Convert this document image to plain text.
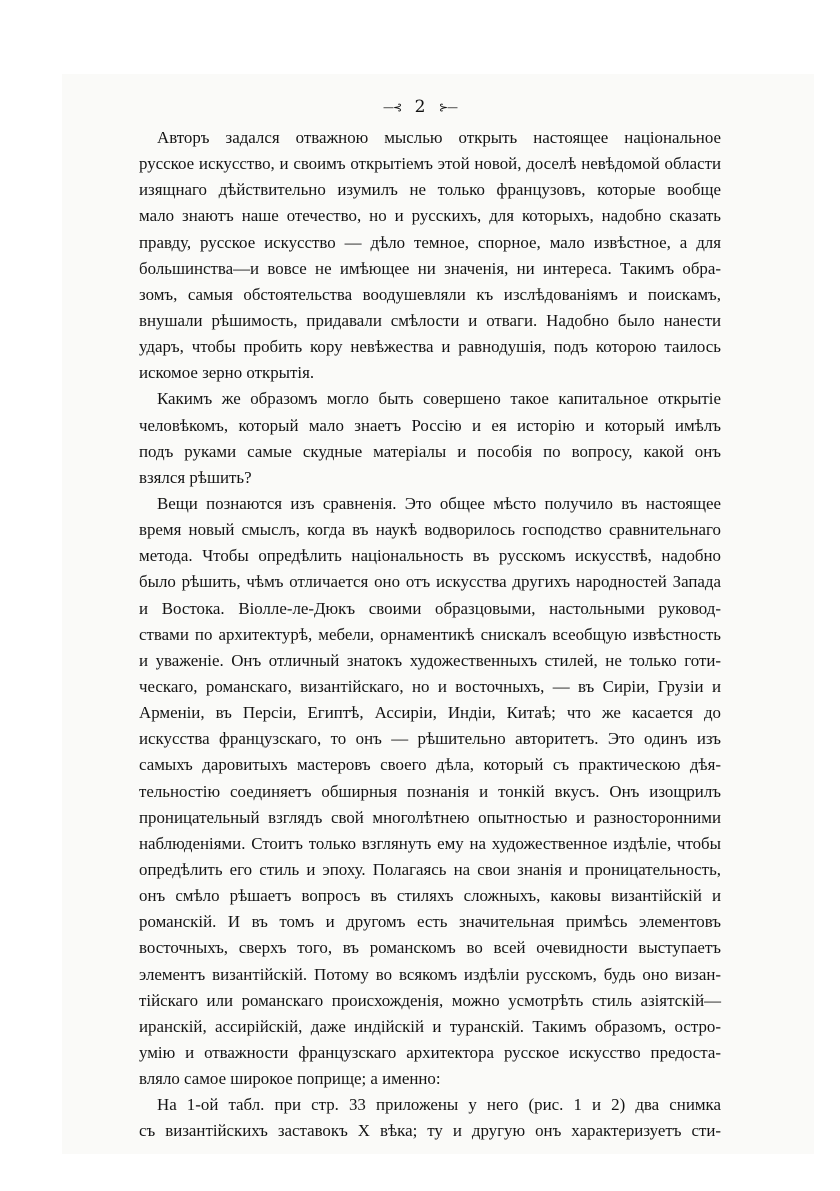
—⊰ 2 ⊱—
Авторъ задался отважною мыслью открыть настоящее національное
русское искусство, и своимъ открытіемъ этой новой, доселѣ невѣдомой области
изящнаго дѣйствительно изумилъ не только французовъ, которые вообще
мало знаютъ наше отечество, но и русскихъ, для которыхъ, надобно сказать
правду, русское искусство — дѣло темное, спорное, мало извѣстное, а для
большинства—и вовсе не имѣющее ни значенія, ни интереса. Такимъ обра-
зомъ, самыя обстоятельства воодушевляли къ изслѣдованіямъ и поискамъ,
внушали рѣшимость, придавали смѣлости и отваги. Надобно было нанести
ударъ, чтобы пробить кору невѣжества и равнодушія, подъ которою таилось
искомое зерно открытія.
Какимъ же образомъ могло быть совершено такое капитальное открытіе
человѣкомъ, который мало знаетъ Россію и ея исторію и который имѣлъ
подъ руками самые скудные матеріалы и пособія по вопросу, какой онъ
взялся рѣшить?
Вещи познаются изъ сравненія. Это общее мѣсто получило въ настоящее
время новый смыслъ, когда въ наукѣ водворилось господство сравнительнаго
метода. Чтобы опредѣлить національность въ русскомъ искусствѣ, надобно
было рѣшить, чѣмъ отличается оно отъ искусства другихъ народностей Запада
и Востока. Віолле-ле-Дюкъ своими образцовыми, настольными руковод-
ствами по архитектурѣ, мебели, орнаментикѣ снискалъ всеобщую извѣстность
и уваженіе. Онъ отличный знатокъ художественныхъ стилей, не только готи-
ческаго, романскаго, византійскаго, но и восточныхъ, — въ Сиріи, Грузіи и
Арменіи, въ Персіи, Египтѣ, Ассиріи, Индіи, Китаѣ; что же касается до
искусства французскаго, то онъ — рѣшительно авторитетъ. Это одинъ изъ
самыхъ даровитыхъ мастеровъ своего дѣла, который съ практическою дѣя-
тельностію соединяетъ обширныя познанія и тонкій вкусъ. Онъ изощрилъ
проницательный взглядъ свой многолѣтнею опытностью и разносторонними
наблюденіями. Стоитъ только взглянуть ему на художественное издѣліе, чтобы
опредѣлить его стиль и эпоху. Полагаясь на свои знанія и проницательность,
онъ смѣло рѣшаетъ вопросъ въ стиляхъ сложныхъ, каковы византійскій и
романскій. И въ томъ и другомъ есть значительная примѣсь элементовъ
восточныхъ, сверхъ того, въ романскомъ во всей очевидности выступаетъ
элементъ византійскій. Потому во всякомъ издѣліи русскомъ, будь оно визан-
тійскаго или романскаго происхожденія, можно усмотрѣть стиль азіятскій—
иранскій, ассирійскій, даже индійскій и туранскій. Такимъ образомъ, остро-
умію и отважности французскаго архитектора русское искусство предоста-
вляло самое широкое поприще; а именно:
На 1-ой табл. при стр. 33 приложены у него (рис. 1 и 2) два снимка
съ византійскихъ заставокъ X вѣка; ту и другую онъ характеризуетъ сти-
